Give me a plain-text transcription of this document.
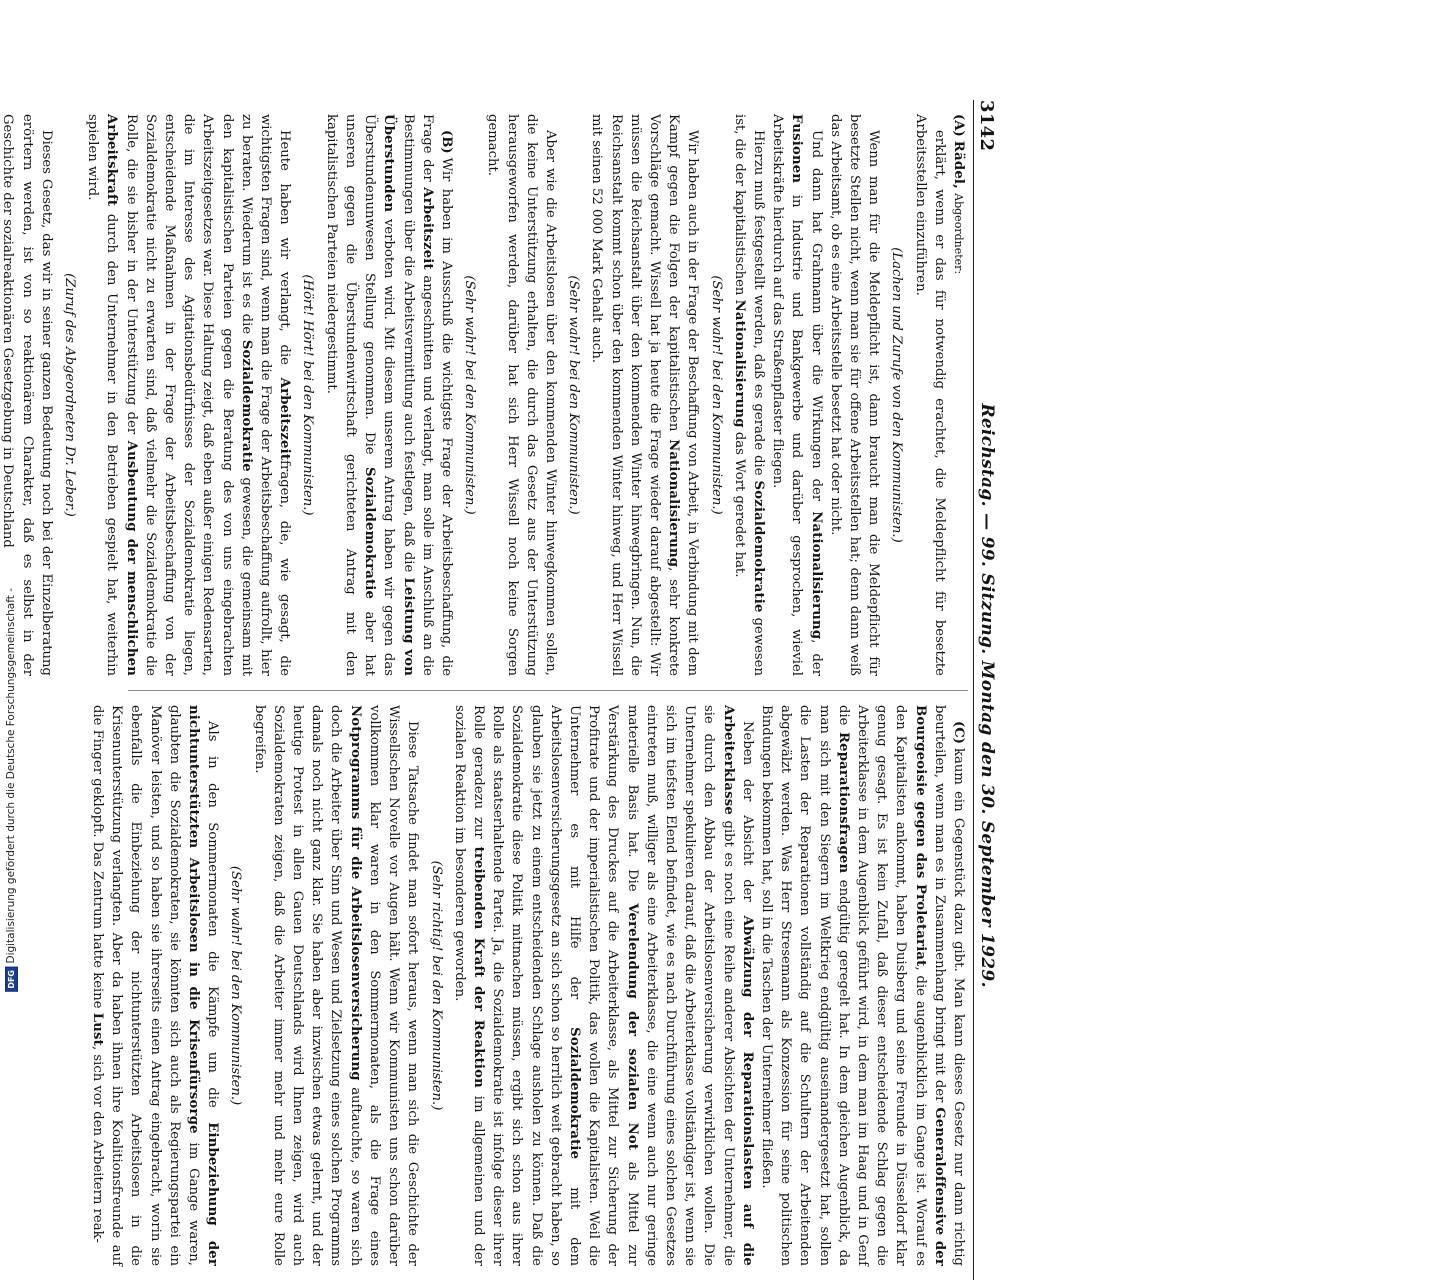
Digitalisierung gefördert durch die Deutsche Forschungsgemeinschaft -
DFG
3142
Reichstag. — 99. Sitzung. Montag den 30. September 1929.

(A)Rädel, Abgeordneter:

erklärt, wenn er das für notwendig erachtet, die Meldepflicht für besetzte Arbeitsstellen einzuführen.

(Lachen und Zurufe von den Kommunisten.)

Wenn man für die Meldepflicht ist, dann braucht man die Meldepflicht für besetzte Stellen nicht, wenn man sie für offene Arbeitsstellen hat; denn dann weiß das Arbeitsamt, ob es eine Arbeitsstelle besetzt hat oder nicht.

Und dann hat Grahmann über die Wirkungen der Nationalisierung, der Fusionen in Industrie und Bankgewerbe und darüber gesprochen, wieviel Arbeitskräfte hierdurch auf das Straßenpflaster fliegen.

Hierzu muß festgestellt werden, daß es gerade die Sozialdemokratie gewesen ist, die der kapitalistischen Nationalisierung das Wort geredet hat.

(Sehr wahr! bei den Kommunisten.)

Wir haben auch in der Frage der Beschaffung von Arbeit, in Verbindung mit dem Kampf gegen die Folgen der kapitalistischen Nationalisierung, sehr konkrete Vorschläge gemacht. Wissell hat ja heute die Frage wieder darauf abgestellt: Wir müssen die Reichsanstalt über den kommenden Winter hinwegbringen. Nun, die Reichsanstalt kommt schon über den kommenden Winter hinweg, und Herr Wissell mit seinen 52 000 Mark Gehalt auch.

(Sehr wahr! bei den Kommunisten.)

Aber wie die Arbeitslosen über den kommenden Winter hinwegkommen sollen, die keine Unterstützung erhalten, die durch das Gesetz aus der Unterstützung herausgeworfen werden, darüber hat sich Herr Wissell noch keine Sorgen gemacht.

(Sehr wahr! bei den Kommunisten.)

(B)Wir haben im Ausschuß die wichtigste Frage der Arbeitsbeschaffung, die Frage der Arbeitszeit angeschnitten und verlangt, man solle im Anschluß an die Bestimmungen über die Arbeitsvermittlung auch festlegen, daß die Leistung von Überstunden verboten wird. Mit diesem unserem Antrag haben wir gegen das Überstundenunwesen Stellung genommen. Die Sozialdemokratie aber hat unseren gegen die Überstundenwirtschaft gerichteten Antrag mit den kapitalistischen Parteien niedergestimmt.

(Hört! Hört! bei den Kommunisten.)

Heute haben wir verlangt, die Arbeitszeitfragen, die, wie gesagt, die wichtigsten Fragen sind, wenn man die Frage der Arbeitsbeschaffung aufrollt, hier zu beraten. Wiederum ist es die Sozialdemokratie gewesen, die gemeinsam mit den kapitalistischen Parteien gegen die Beratung des von uns eingebrachten Arbeitszeitgesetzes war. Diese Haltung zeigt, daß eben außer einigen Redensarten, die im Interesse des Agitationsbedürfnisses der Sozialdemokratie liegen, entscheidende Maßnahmen in der Frage der Arbeitsbeschaffung von der Sozialdemokratie nicht zu erwarten sind, daß vielmehr die Sozialdemokratie die Rolle, die sie bisher in der Unterstützung der Ausbeutung der menschlichen Arbeitskraft durch den Unternehmer in den Betrieben gespielt hat, weiterhin spielen wird.

(Zuruf des Abgeordneten Dr. Leber.)

Dieses Gesetz, das wir in seiner ganzen Bedeutung noch bei der Einzelberatung erörtern werden, ist von so reaktionärem Charakter, daß es selbst in der Geschichte der sozialreaktionären Gesetzgebung in Deutschland

(C)kaum ein Gegenstück dazu gibt. Man kann dieses Gesetz nur dann richtig beurteilen, wenn man es in Zusammenhang bringt mit der Generaloffensive der Bourgeoisie gegen das Proletariat, die augenblicklich im Gange ist. Worauf es den Kapitalisten ankommt, haben Duisberg und seine Freunde in Düsseldorf klar genug gesagt. Es ist kein Zufall, daß dieser entscheidende Schlag gegen die Arbeiterklasse in dem Augenblick geführt wird, in dem man im Haag und in Genf die Reparationsfragen endgültig geregelt hat. In dem gleichen Augenblick, da man sich mit den Siegern im Weltkrieg endgültig auseinandergesetzt hat, sollen die Lasten der Reparationen vollständig auf die Schultern der Arbeitenden abgewälzt werden. Was Herr Stresemann als Konzession für seine politischen Bindungen bekommen hat, soll in die Taschen der Unternehmer fließen.

Neben der Absicht der Abwälzung der Reparationslasten auf die Arbeiterklasse gibt es noch eine Reihe anderer Absichten der Unternehmer, die sie durch den Abbau der Arbeitslosenversicherung verwirklichen wollen. Die Unternehmer spekulieren darauf, daß die Arbeiterklasse vollständiger ist, wenn sie sich im tiefsten Elend befindet, wie es nach Durchführung eines solchen Gesetzes eintreten muß, williger als eine Arbeiterklasse, die eine wenn auch nur geringe materielle Basis hat. Die Verelendung der sozialen Not als Mittel zur Verstärkung des Druckes auf die Arbeiterklasse, als Mittel zur Sicherung der Profitrate und der imperialistischen Politik, das wollen die Kapitalisten. Weil die Unternehmer es mit Hilfe der Sozialdemokratie mit dem Arbeitslosenversicherungsgesetz an sich schon so herrlich weit gebracht haben, so glauben sie jetzt zu einem entscheidenden Schlage ausholen zu können. Daß die Sozialdemokratie diese Politik mitmachen müssen, ergibt sich schon aus ihrer Rolle als staatserhaltende Partei. Ja, die Sozialdemokratie ist infolge dieser ihrer Rolle geradezu zur treibenden Kraft der Reaktion im allgemeinen und der sozialen Reaktion im besonderen geworden.

(Sehr richtig! bei den Kommunisten.)

Diese Tatsache findet man sofort heraus, wenn man sich die Geschichte der Wissellschen Novelle vor Augen hält. Wenn wir Kommunisten uns schon darüber vollkommen klar waren in den Sommermonaten, als die Frage eines Notprogramms für die Arbeitslosenversicherung auftauchte, so waren sich doch die Arbeiter über Sinn und Wesen und Zielsetzung eines solchen Programms damals noch nicht ganz klar. Sie haben aber inzwischen etwas gelernt, und der heutige Protest in allen Gauen Deutschlands wird Ihnen zeigen, wird auch Sozialdemokraten zeigen, daß die Arbeiter immer mehr und mehr eure Rolle begreifen.

(Sehr wahr! bei den Kommunisten.)

Als in den Sommermonaten die Kämpfe um die Einbeziehung der nichtunterstützten Arbeitslosen in die Krisenfürsorge im Gange waren, glaubten die Sozialdemokraten, sie könnten sich auch als Regierungspartei ein Manöver leisten, und so haben sie ihrerseits einen Antrag eingebracht, worin sie ebenfalls die Einbeziehung der nichtunterstützten Arbeitslosen in die Krisenunterstützung verlangten. Aber da haben ihnen ihre Koalitionsfreunde auf die Finger geklopft. Das Zentrum hatte keine Lust, sich vor den Arbeitern reak-
